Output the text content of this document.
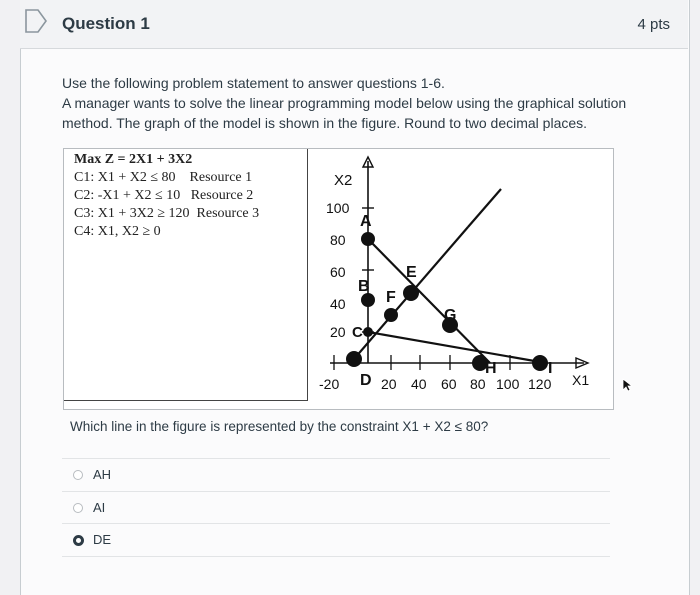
Question 1	4 pts
Use the following problem statement to answer questions 1-6.
A manager wants to solve the linear programming model below using the graphical solution
method. The graph of the model is shown in the figure. Round to two decimal places.
Max Z = 2X1 + 3X2
C1: X1 + X2 ≤ 80    Resource 1
C2: -X1 + X2 ≤ 10   Resource 2
C3: X1 + 3X2 ≥ 120  Resource 3
C4: X1, X2 ≥ 0
X2
100
80
60
40
20
X1
-20	20 40 60 80 100 120
A
B
C
D
E
F
G
H	I
Which line in the figure is represented by the constraint X1 + X2 ≤ 80?
AH
AI
DE
